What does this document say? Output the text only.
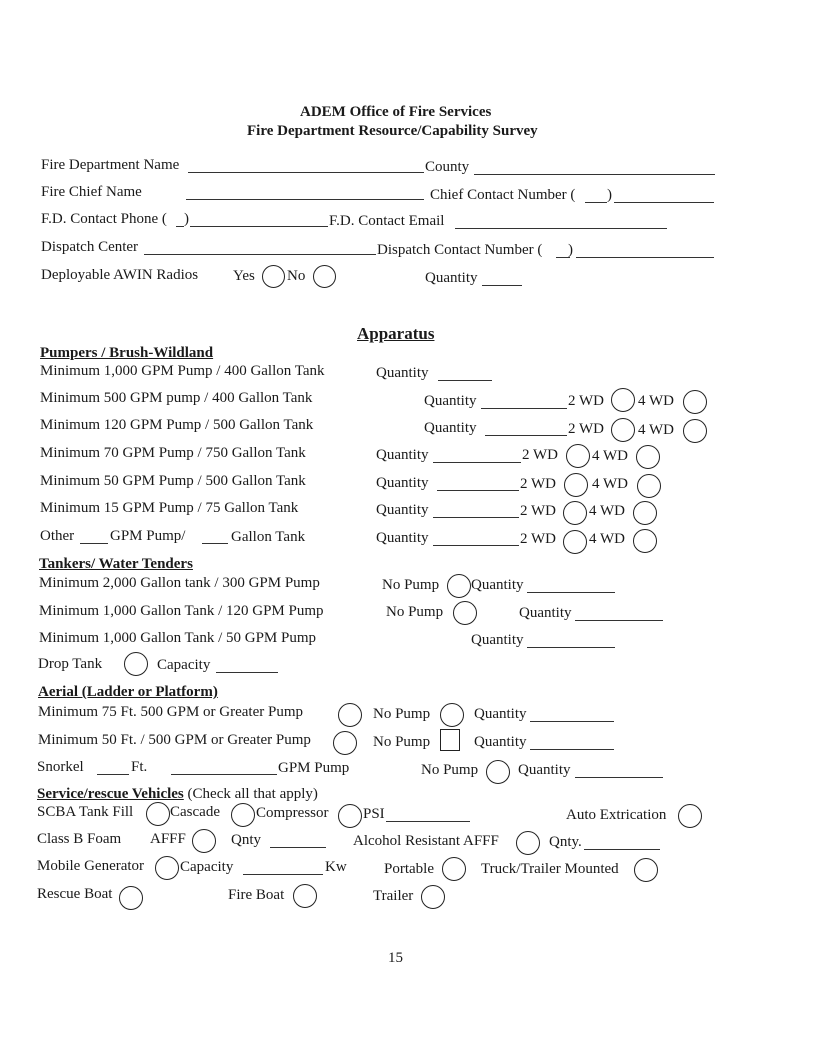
ADEM Office of Fire Services
Fire Department Resource/Capability Survey
Fire Department Name	County
Fire Chief Name	Chief Contact Number ( )
F.D. Contact Phone ( )	F.D. Contact Email
Dispatch Center	Dispatch Contact Number ( )
Deployable AWIN Radios Yes No	Quantity
Apparatus
Pumpers / Brush-Wildland
Minimum 1,000 GPM Pump / 400 Gallon Tank	Quantity
Minimum 500 GPM pump / 400 Gallon Tank	Quantity	2 WD 4 WD
Minimum 120 GPM Pump / 500 Gallon Tank	Quantity	2 WD 4 WD
Minimum 70 GPM Pump / 750 Gallon Tank	Quantity	2 WD 4 WD
Minimum 50 GPM Pump / 500 Gallon Tank	Quantity	2 WD 4 WD
Minimum 15 GPM Pump / 75 Gallon Tank	Quantity	2 WD 4 WD
Other GPM Pump/	Gallon Tank	Quantity	2 WD 4 WD
Tankers/ Water Tenders
Minimum 2,000 Gallon tank / 300 GPM Pump	No Pump Quantity
Minimum 1,000 Gallon Tank / 120 GPM Pump	No Pump	Quantity
Minimum 1,000 Gallon Tank / 50 GPM Pump	Quantity
Drop Tank	Capacity
Aerial (Ladder or Platform)
Minimum 75 Ft. 500 GPM or Greater Pump	No Pump	Quantity
Minimum 50 Ft. / 500 GPM or Greater Pump	No Pump	Quantity
Snorkel	Ft.	GPM Pump	No Pump	Quantity
Service/rescue Vehicles (Check all that apply)
SCBA Tank Fill Cascade Compressor PSI	Auto Extrication
Class B Foam AFFF	Qnty	Alcohol Resistant AFFF	Qnty.
Mobile Generator Capacity	Kw Portable	Truck/Trailer Mounted
Rescue Boat	Fire Boat	Trailer
15
